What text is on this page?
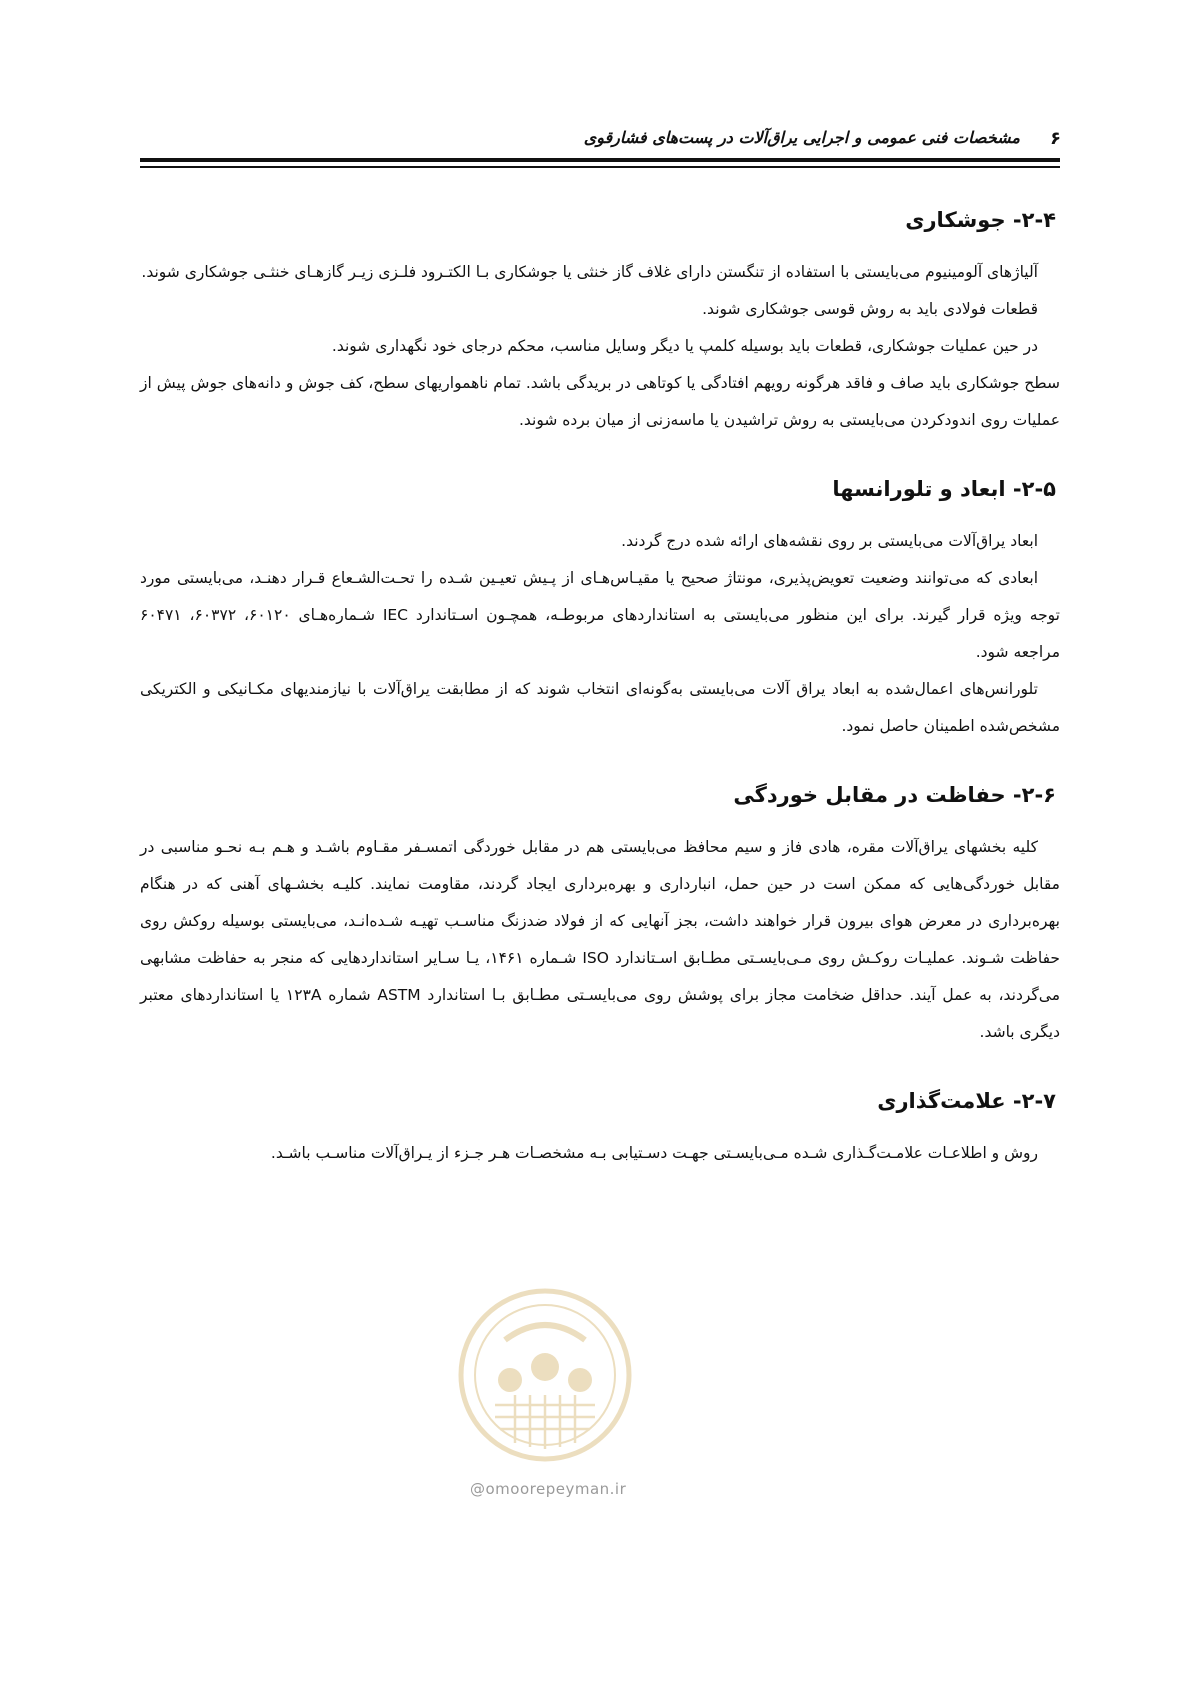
مشخصات فنی عمومی و اجرایی یراق‌آلات در پست‌های فشارقوی ۶
۲-۴- جوشکاری

آلیاژهای آلومینیوم می‌بایستی با استفاده از تنگستن دارای غلاف گاز خنثی یا جوشکاری بـا الکتـرود فلـزی زیـر گازهـای خنثـی جوشکاری شوند.

قطعات فولادی باید به روش قوسی جوشکاری شوند.

در حین عملیات جوشکاری، قطعات باید بوسیله کلمپ یا دیگر وسایل مناسب، محکم درجای خود نگهداری شوند.

سطح جوشکاری باید صاف و فاقد هرگونه رویهم افتادگی یا کوتاهی در بریدگی باشد. تمام ناهمواریهای سطح، کف جوش و دانه‌های جوش پیش از عملیات روی اندودکردن می‌بایستی به روش تراشیدن یا ماسه‌زنی از میان برده شوند.

۲-۵- ابعاد و تلورانسها

ابعاد یراق‌آلات می‌بایستی بر روی نقشه‌های ارائه شده درج گردند.

ابعادی که می‌توانند وضعیت تعویض‌پذیری، مونتاژ صحیح یا مقیـاس‌هـای از پـیش تعیـین شـده را تحـت‌الشـعاع قـرار دهنـد، می‌بایستی مورد توجه ویژه قرار گیرند. برای این منظور می‌بایستی به استانداردهای مربوطـه، همچـون اسـتاندارد IEC شـماره‌هـای ۶۰۱۲۰، ۶۰۳۷۲، ۶۰۴۷۱ مراجعه شود.

تلورانس‌های اعمال‌شده به ابعاد یراق آلات می‌بایستی به‌گونه‌ای انتخاب شوند که از مطابقت یراق‌آلات با نیازمندیهای مکـانیکی و الکتریکی مشخص‌شده اطمینان حاصل نمود.

۲-۶- حفاظت در مقابل خوردگی

کلیه بخشهای یراق‌آلات مقره، هادی فاز و سیم محافظ می‌بایستی هم در مقابل خوردگی اتمسـفر مقـاوم باشـد و هـم بـه نحـو مناسبی در مقابل خوردگی‌هایی که ممکن است در حین حمل، انبارداری و بهره‌برداری ایجاد گردند، مقاومت نمایند. کلیـه بخشـهای آهنی که در هنگام بهره‌برداری در معرض هوای بیرون قرار خواهند داشت، بجز آنهایی که از فولاد ضدزنگ مناسـب تهیـه شـده‌انـد، می‌بایستی بوسیله روکش روی حفاظت شـوند. عملیـات روکـش روی مـی‌بایسـتی مطـابق اسـتاندارد ISO شـماره ۱۴۶۱، یـا سـایر استانداردهایی که منجر به حفاظت مشابهی می‌گردند، به عمل آیند. حداقل ضخامت مجاز برای پوشش روی می‌بایسـتی مطـابق بـا استاندارد ASTM شماره ۱۲۳A یا استانداردهای معتبر دیگری باشد.

۲-۷- علامت‌گذاری

روش و اطلاعـات علامـت‌گـذاری شـده مـی‌بایسـتی جهـت دسـتیابی بـه مشخصـات هـر جـزء از یـراق‌آلات مناسـب باشـد.

@omoorepeyman.ir
